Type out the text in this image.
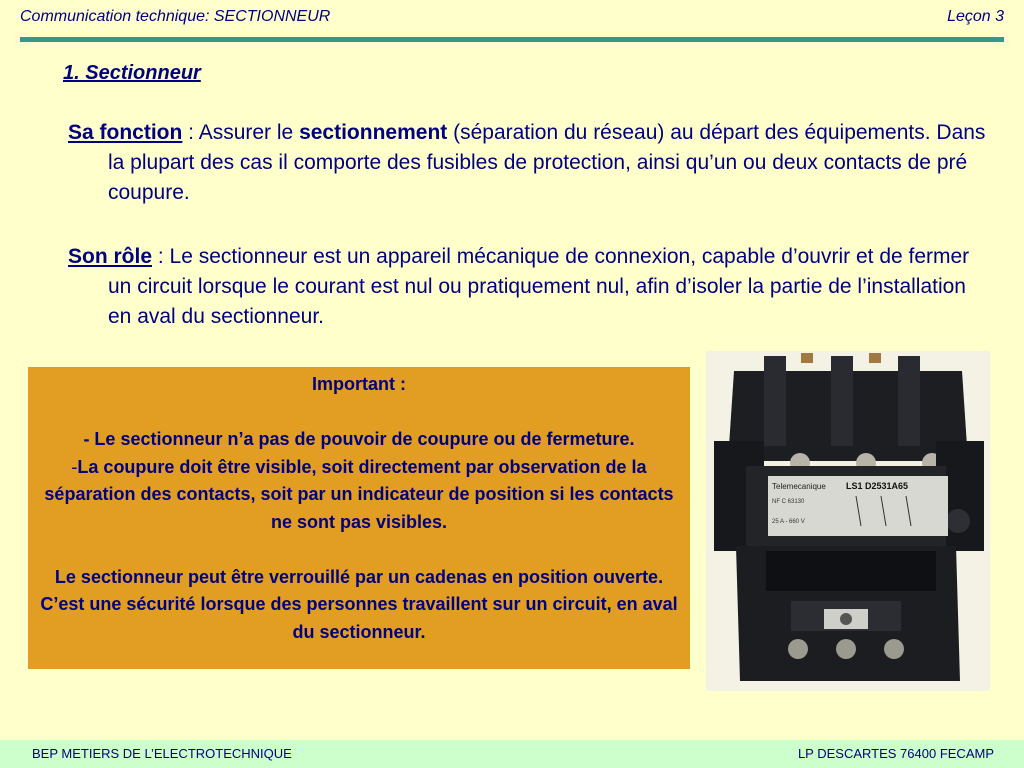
Communication technique: SECTIONNEUR	Leçon 3
1. Sectionneur
Sa fonction : Assurer le sectionnement (séparation du réseau) au départ des équipements. Dans la plupart des cas il comporte des fusibles de protection, ainsi qu’un ou deux contacts de pré coupure.
Son rôle : Le sectionneur est un appareil mécanique de connexion, capable d’ouvrir et de fermer un circuit lorsque le courant est nul ou pratiquement nul, afin d’isoler la partie de l’installation en aval du sectionneur.

Important :

- Le sectionneur n’a pas de pouvoir de coupure ou de fermeture.

-La coupure doit être visible, soit directement par observation de la séparation des contacts, soit par un indicateur de position si les contacts ne sont pas visibles.

Le sectionneur peut être verrouillé par un cadenas en position ouverte. C’est une sécurité lorsque des personnes travaillent sur un circuit, en aval du sectionneur.

Telemecanique LS1 D2531A65
NF C 63130
25 A - 660 V
BEP METIERS DE L’ELECTROTECHNIQUE	LP DESCARTES 76400 FECAMP
